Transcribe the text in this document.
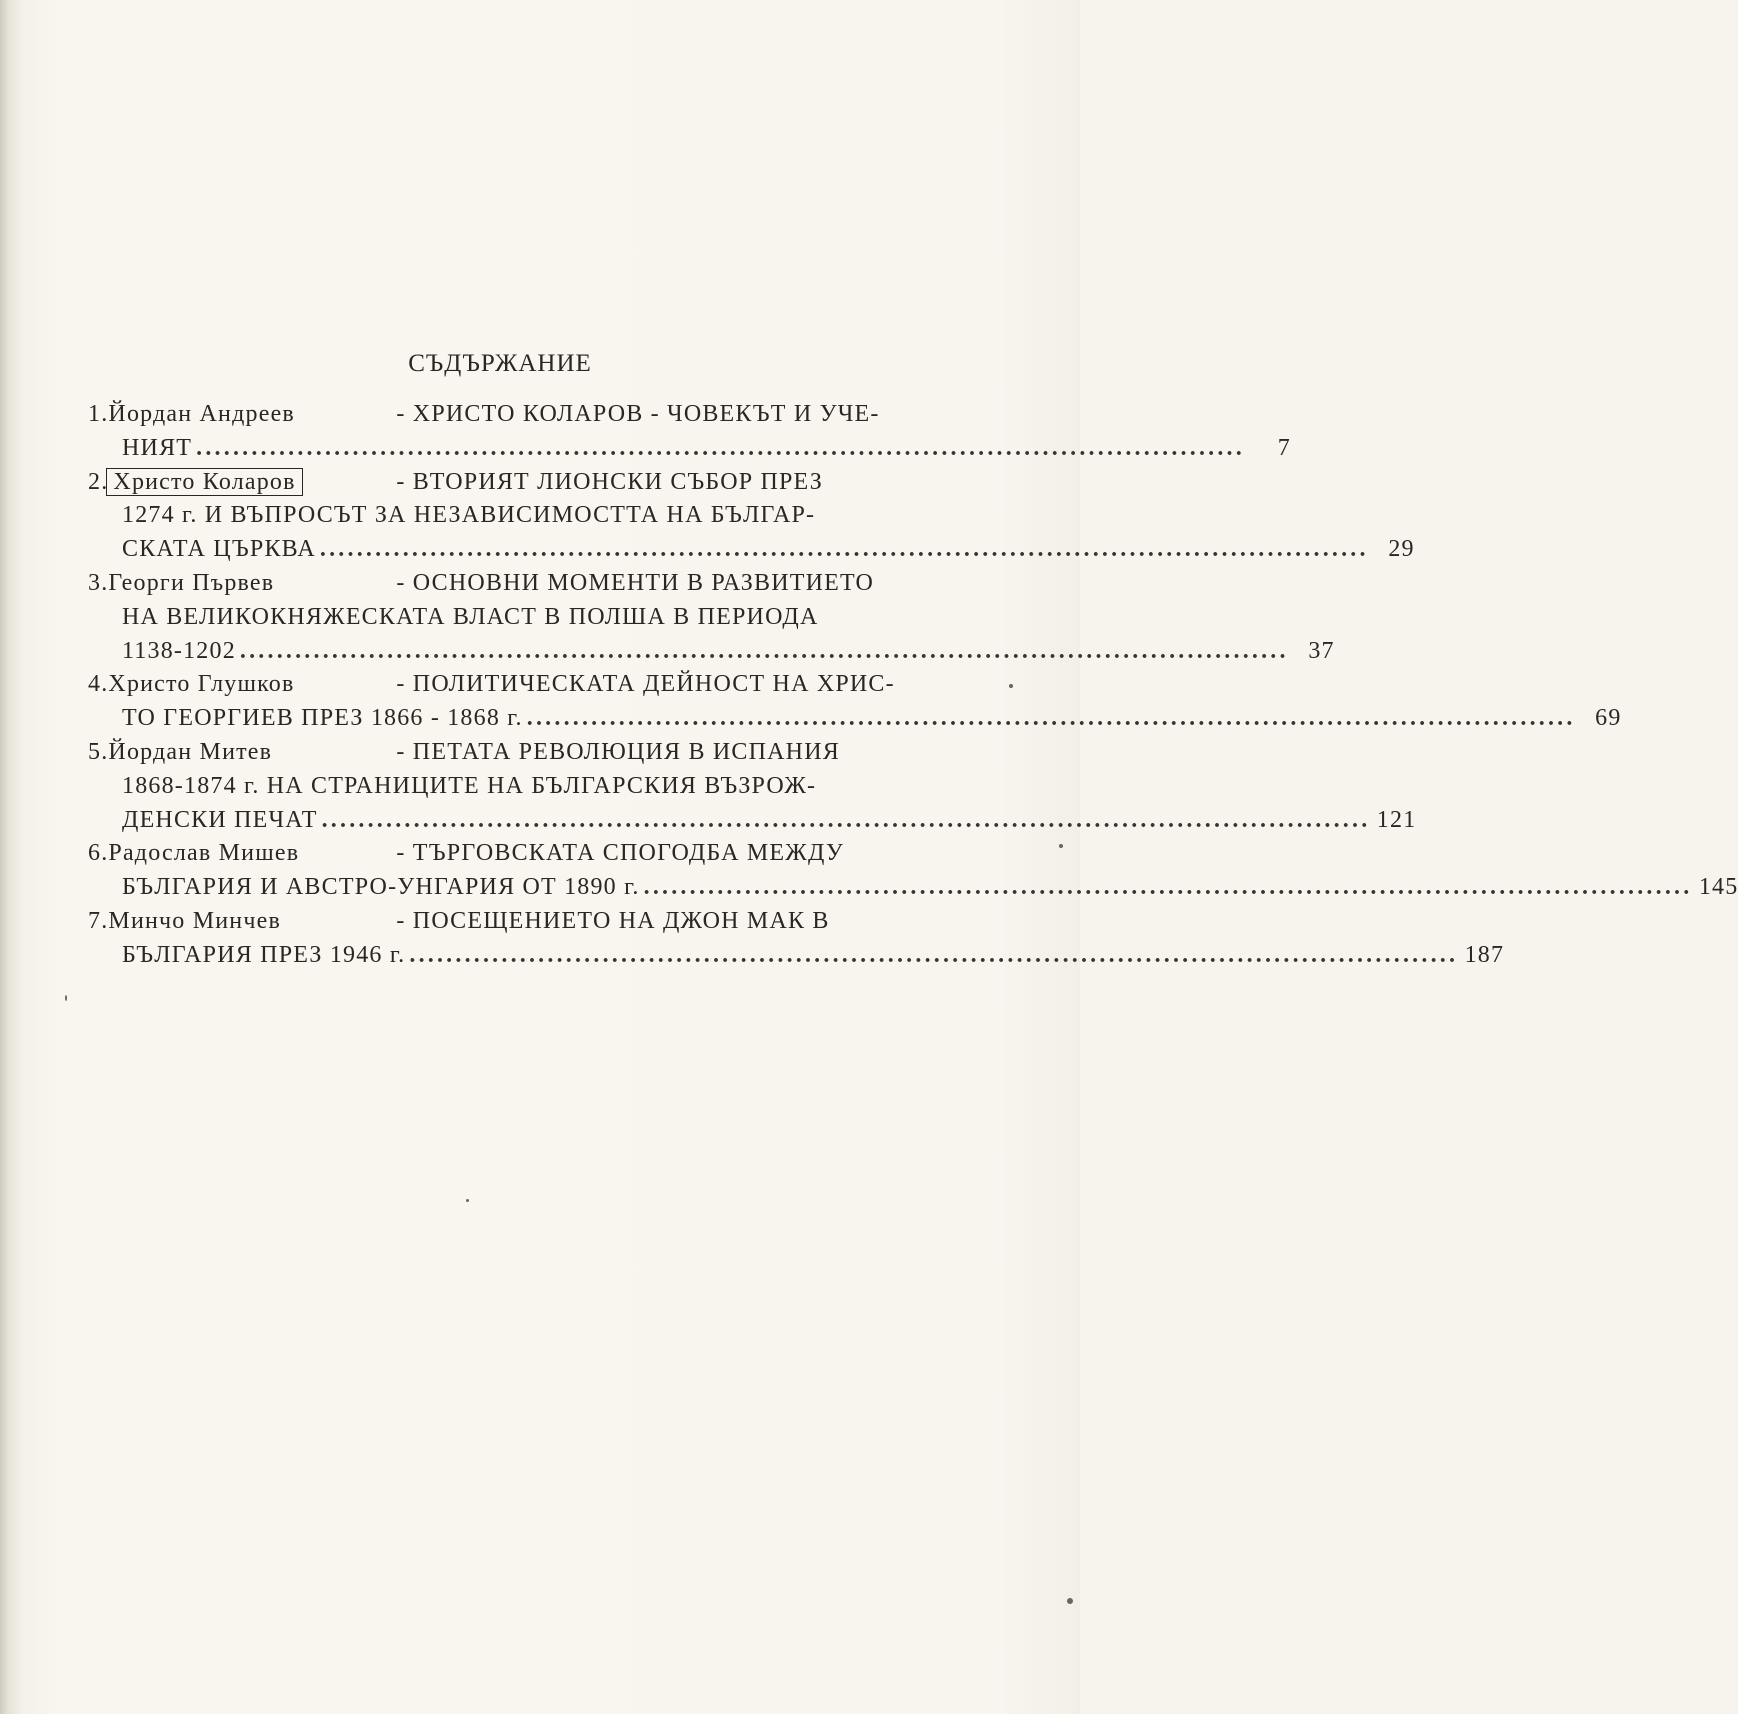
СЪДЪРЖАНИЕ
1.Йордан Андреев	- ХРИСТО КОЛАРОВ - ЧОВЕКЪТ И УЧЕ-
НИЯТ ..................................................................................................................	7
2. Христо Коларов	- ВТОРИЯТ ЛИОНСКИ СЪБОР ПРЕЗ
1274 г. И ВЪПРОСЪТ ЗА НЕЗАВИСИМОСТТА НА БЪЛГАР-
СКАТА ЦЪРКВА .................................................................................................................. 29
3.Георги Първев	- ОСНОВНИ МОМЕНТИ В РАЗВИТИЕТО
НА ВЕЛИКОКНЯЖЕСКАТА ВЛАСТ В ПОЛША В ПЕРИОДА
1138-1202 .................................................................................................................. 37
4.Христо Глушков	- ПОЛИТИЧЕСКАТА ДЕЙНОСТ НА ХРИС-
ТО ГЕОРГИЕВ ПРЕЗ 1866 - 1868 г. .................................................................................................................. 69
5.Йордан Митев	- ПЕТАТА РЕВОЛЮЦИЯ В ИСПАНИЯ
1868-1874 г. НА СТРАНИЦИТЕ НА БЪЛГАРСКИЯ ВЪЗРОЖ-
ДЕНСКИ ПЕЧАТ .................................................................................................................. 121
6.Радослав Мишев	- ТЪРГОВСКАТА СПОГОДБА МЕЖДУ
БЪЛГАРИЯ И АВСТРО-УНГАРИЯ ОТ 1890 г. .................................................................................................................. 145
7.Минчо Минчев	- ПОСЕЩЕНИЕТО НА ДЖОН МАК В
БЪЛГАРИЯ ПРЕЗ 1946 г. .................................................................................................................. 187
